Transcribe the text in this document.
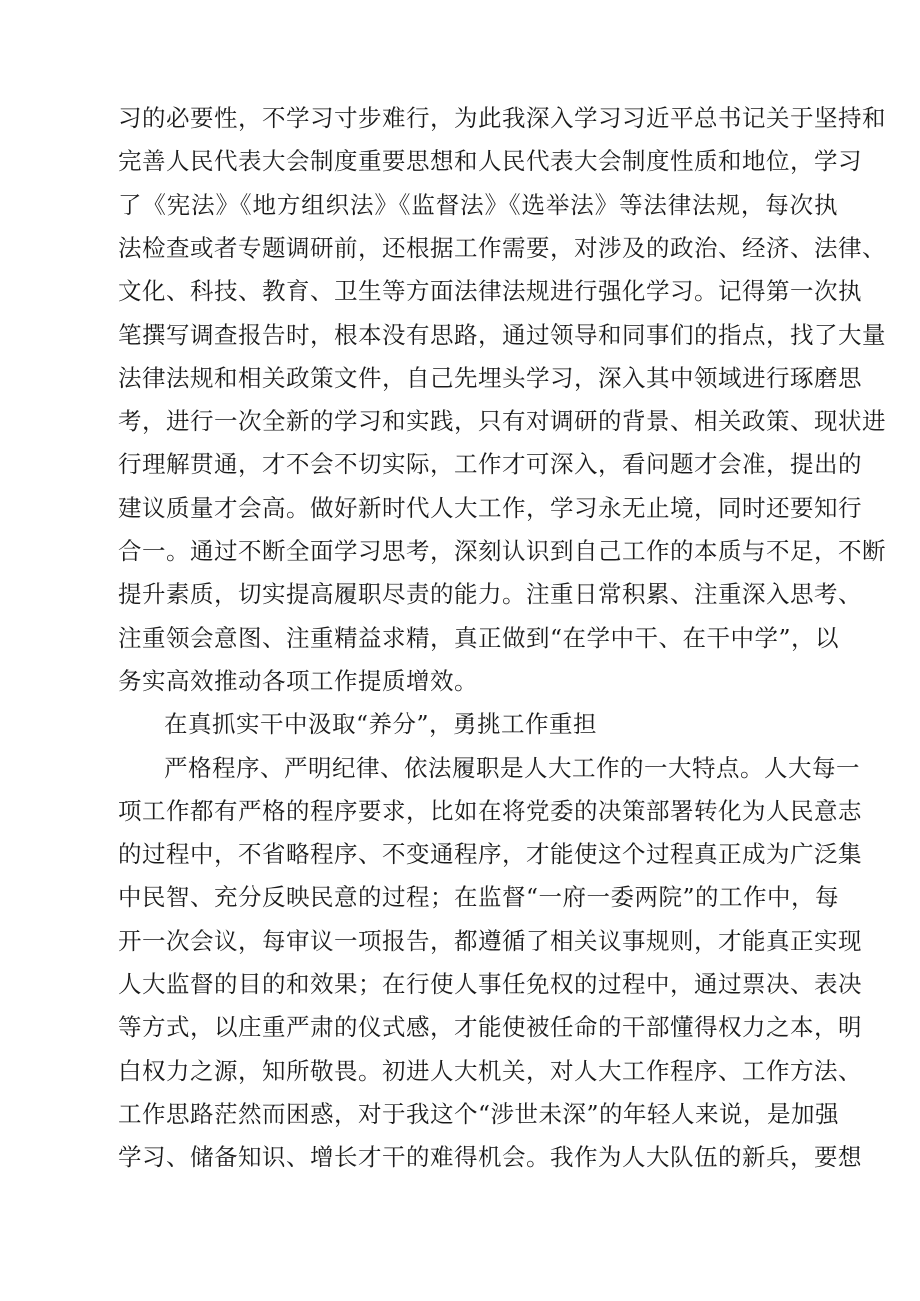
习的必要性，不学习寸步难行，为此我深入学习习近平总书记关于坚持和
完善人民代表大会制度重要思想和人民代表大会制度性质和地位，学习
了《宪法》《地方组织法》《监督法》《选举法》等法律法规，每次执
法检查或者专题调研前，还根据工作需要，对涉及的政治、经济、法律、
文化、科技、教育、卫生等方面法律法规进行强化学习。记得第一次执
笔撰写调查报告时，根本没有思路，通过领导和同事们的指点，找了大量
法律法规和相关政策文件，自己先埋头学习，深入其中领域进行琢磨思
考，进行一次全新的学习和实践，只有对调研的背景、相关政策、现状进
行理解贯通，才不会不切实际，工作才可深入，看问题才会准，提出的
建议质量才会高。做好新时代人大工作，学习永无止境，同时还要知行
合一。通过不断全面学习思考，深刻认识到自己工作的本质与不足，不断
提升素质，切实提高履职尽责的能力。注重日常积累、注重深入思考、
注重领会意图、注重精益求精，真正做到“在学中干、在干中学”，以
务实高效推动各项工作提质增效。
在真抓实干中汲取“养分”，勇挑工作重担
严格程序、严明纪律、依法履职是人大工作的一大特点。人大每一
项工作都有严格的程序要求，比如在将党委的决策部署转化为人民意志
的过程中，不省略程序、不变通程序，才能使这个过程真正成为广泛集
中民智、充分反映民意的过程；在监督“一府一委两院”的工作中，每
开一次会议，每审议一项报告，都遵循了相关议事规则，才能真正实现
人大监督的目的和效果；在行使人事任免权的过程中，通过票决、表决
等方式，以庄重严肃的仪式感，才能使被任命的干部懂得权力之本，明
白权力之源，知所敬畏。初进人大机关，对人大工作程序、工作方法、
工作思路茫然而困惑，对于我这个“涉世未深”的年轻人来说，是加强
学习、储备知识、增长才干的难得机会。我作为人大队伍的新兵，要想
